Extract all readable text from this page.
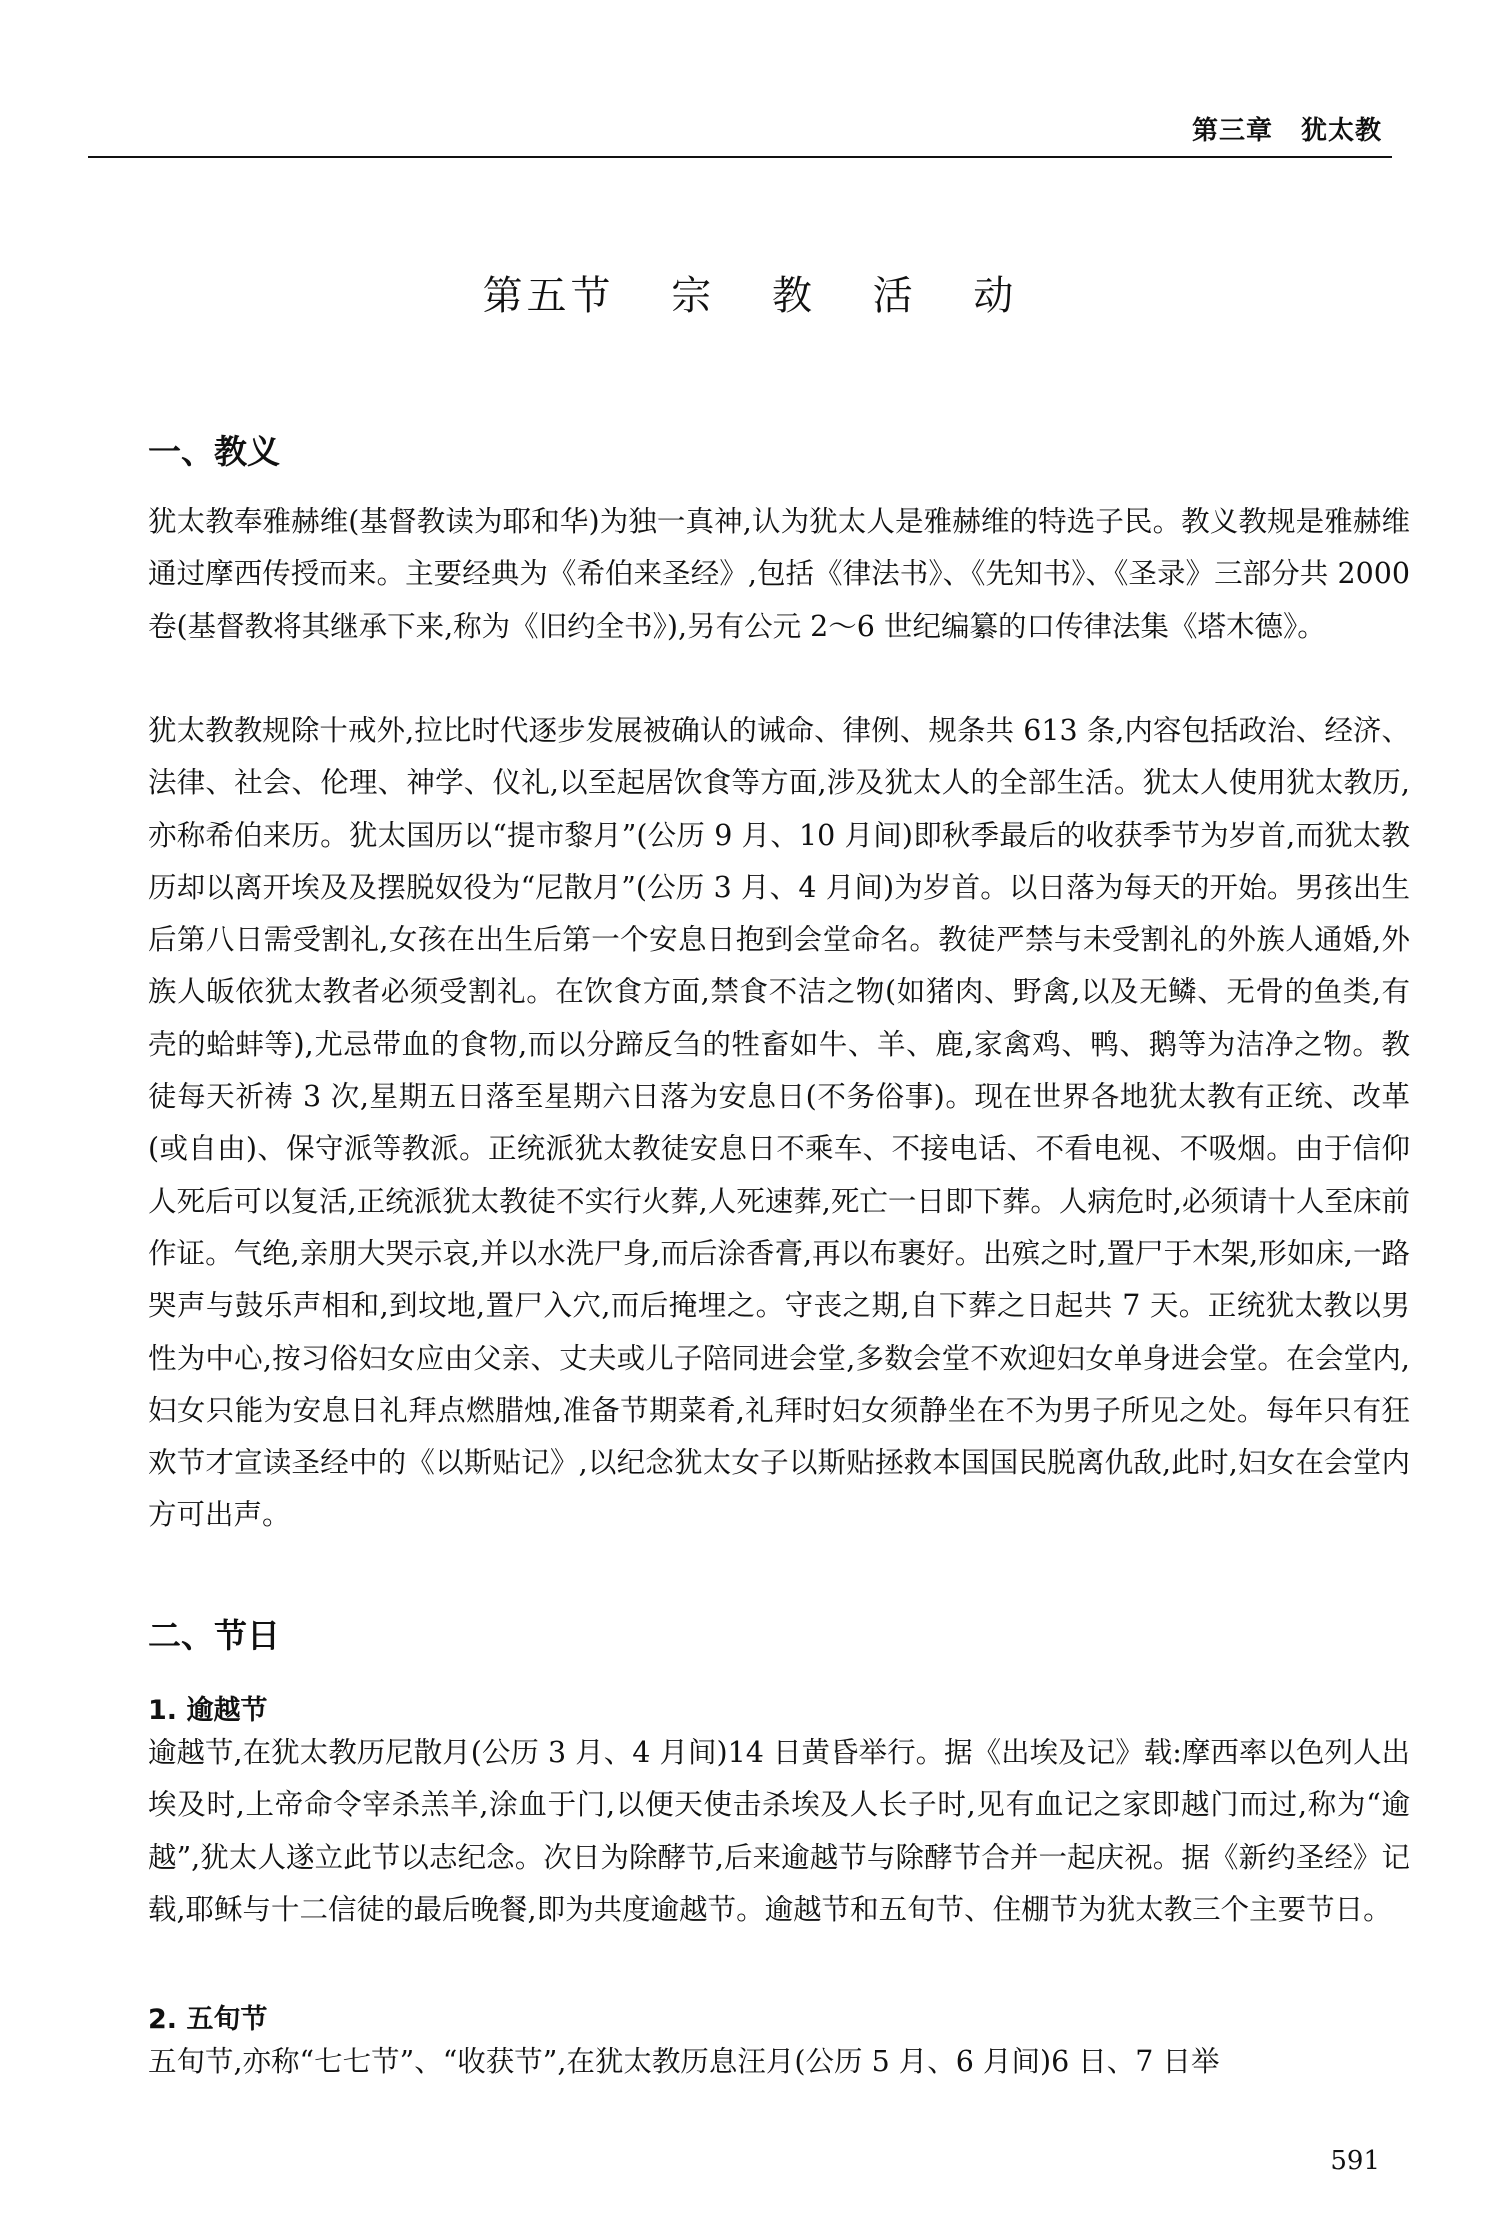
第三章 犹太教
第五节 宗 教 活 动
一、教义

犹太教奉雅赫维(基督教读为耶和华)为独一真神,认为犹太人是雅赫维的特选子民。教义教规是雅赫维通过摩西传授而来。主要经典为《希伯来圣经》,包括《律法书》、《先知书》、《圣录》三部分共 2000 卷(基督教将其继承下来,称为《旧约全书》),另有公元 2～6 世纪编纂的口传律法集《塔木德》。

犹太教教规除十戒外,拉比时代逐步发展被确认的诫命、律例、规条共 613 条,内容包括政治、经济、法律、社会、伦理、神学、仪礼,以至起居饮食等方面,涉及犹太人的全部生活。犹太人使用犹太教历,亦称希伯来历。犹太国历以“提市黎月”(公历 9 月、10 月间)即秋季最后的收获季节为岁首,而犹太教历却以离开埃及及摆脱奴役为“尼散月”(公历 3 月、4 月间)为岁首。以日落为每天的开始。男孩出生后第八日需受割礼,女孩在出生后第一个安息日抱到会堂命名。教徒严禁与未受割礼的外族人通婚,外族人皈依犹太教者必须受割礼。在饮食方面,禁食不洁之物(如猪肉、野禽,以及无鳞、无骨的鱼类,有壳的蛤蚌等),尤忌带血的食物,而以分蹄反刍的牲畜如牛、羊、鹿,家禽鸡、鸭、鹅等为洁净之物。教徒每天祈祷 3 次,星期五日落至星期六日落为安息日(不务俗事)。现在世界各地犹太教有正统、改革(或自由)、保守派等教派。正统派犹太教徒安息日不乘车、不接电话、不看电视、不吸烟。由于信仰人死后可以复活,正统派犹太教徒不实行火葬,人死速葬,死亡一日即下葬。人病危时,必须请十人至床前作证。气绝,亲朋大哭示哀,并以水洗尸身,而后涂香膏,再以布裹好。出殡之时,置尸于木架,形如床,一路哭声与鼓乐声相和,到坟地,置尸入穴,而后掩埋之。守丧之期,自下葬之日起共 7 天。正统犹太教以男性为中心,按习俗妇女应由父亲、丈夫或儿子陪同进会堂,多数会堂不欢迎妇女单身进会堂。在会堂内,妇女只能为安息日礼拜点燃腊烛,准备节期菜肴,礼拜时妇女须静坐在不为男子所见之处。每年只有狂欢节才宣读圣经中的《以斯贴记》,以纪念犹太女子以斯贴拯救本国国民脱离仇敌,此时,妇女在会堂内方可出声。

二、节日
1. 逾越节

逾越节,在犹太教历尼散月(公历 3 月、4 月间)14 日黄昏举行。据《出埃及记》载:摩西率以色列人出埃及时,上帝命令宰杀羔羊,涂血于门,以便天使击杀埃及人长子时,见有血记之家即越门而过,称为“逾越”,犹太人遂立此节以志纪念。次日为除酵节,后来逾越节与除酵节合并一起庆祝。据《新约圣经》记载,耶稣与十二信徒的最后晚餐,即为共度逾越节。逾越节和五旬节、住棚节为犹太教三个主要节日。

2. 五旬节

五旬节,亦称“七七节”、“收获节”,在犹太教历息汪月(公历 5 月、6 月间)6 日、7 日举

591
